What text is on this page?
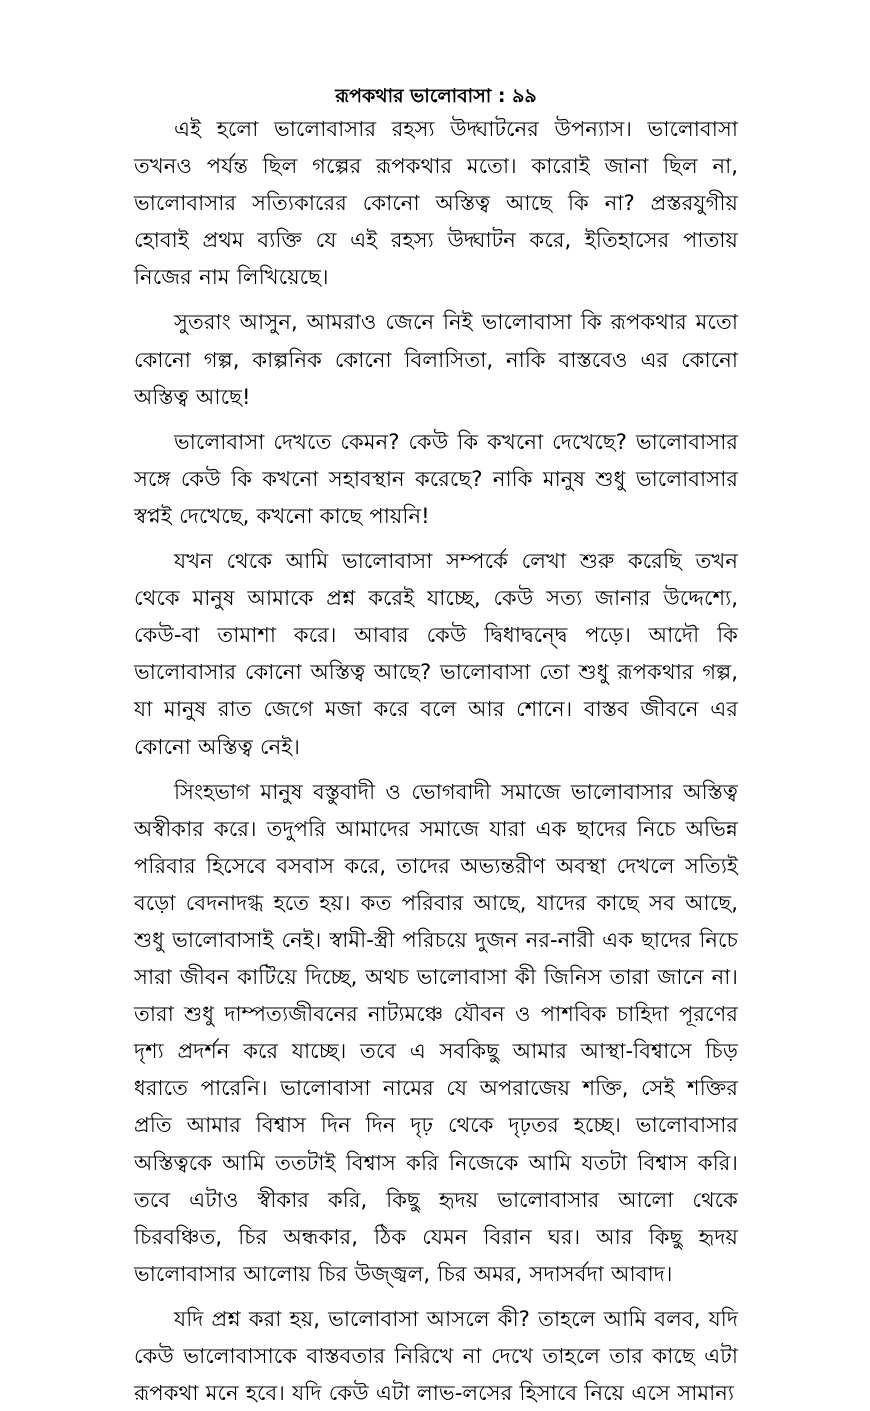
রূপকথার ভালোবাসা : ৯৯

এই হলো ভালোবাসার রহস্য উদ্ঘাটনের উপন্যাস। ভালোবাসা তখনও পর্যন্ত ছিল গল্পের রূপকথার মতো। কারোই জানা ছিল না, ভালোবাসার সত্যিকারের কোনো অস্তিত্ব আছে কি না? প্রস্তরযুগীয় হোবাই প্রথম ব্যক্তি যে এই রহস্য উদ্ঘাটন করে, ইতিহাসের পাতায় নিজের নাম লিখিয়েছে।

সুতরাং আসুন, আমরাও জেনে নিই ভালোবাসা কি রূপকথার মতো কোনো গল্প, কাল্পনিক কোনো বিলাসিতা, নাকি বাস্তবেও এর কোনো অস্তিত্ব আছে!

ভালোবাসা দেখতে কেমন? কেউ কি কখনো দেখেছে? ভালোবাসার সঙ্গে কেউ কি কখনো সহাবস্থান করেছে? নাকি মানুষ শুধু ভালোবাসার স্বপ্নই দেখেছে, কখনো কাছে পায়নি!

যখন থেকে আমি ভালোবাসা সম্পর্কে লেখা শুরু করেছি তখন থেকে মানুষ আমাকে প্রশ্ন করেই যাচ্ছে, কেউ সত্য জানার উদ্দেশ্যে, কেউ-বা তামাশা করে। আবার কেউ দ্বিধাদ্বন্দ্বে পড়ে। আদৌ কি ভালোবাসার কোনো অস্তিত্ব আছে? ভালোবাসা তো শুধু রূপকথার গল্প, যা মানুষ রাত জেগে মজা করে বলে আর শোনে। বাস্তব জীবনে এর কোনো অস্তিত্ব নেই।

সিংহভাগ মানুষ বস্তুবাদী ও ভোগবাদী সমাজে ভালোবাসার অস্তিত্ব অস্বীকার করে। তদুপরি আমাদের সমাজে যারা এক ছাদের নিচে অভিন্ন পরিবার হিসেবে বসবাস করে, তাদের অভ্যন্তরীণ অবস্থা দেখলে সত্যিই বড়ো বেদনাদগ্ধ হতে হয়। কত পরিবার আছে, যাদের কাছে সব আছে, শুধু ভালোবাসাই নেই। স্বামী-স্ত্রী পরিচয়ে দুজন নর-নারী এক ছাদের নিচে সারা জীবন কাটিয়ে দিচ্ছে, অথচ ভালোবাসা কী জিনিস তারা জানে না। তারা শুধু দাম্পত্যজীবনের নাট্যমঞ্চে যৌবন ও পাশবিক চাহিদা পূরণের দৃশ্য প্রদর্শন করে যাচ্ছে। তবে এ সবকিছু আমার আস্থা-বিশ্বাসে চিড় ধরাতে পারেনি। ভালোবাসা নামের যে অপরাজেয় শক্তি, সেই শক্তির প্রতি আমার বিশ্বাস দিন দিন দৃঢ় থেকে দৃঢ়তর হচ্ছে। ভালোবাসার অস্তিত্বকে আমি ততটাই বিশ্বাস করি নিজেকে আমি যতটা বিশ্বাস করি। তবে এটাও স্বীকার করি, কিছু হৃদয় ভালোবাসার আলো থেকে চিরবঞ্চিত, চির অন্ধকার, ঠিক যেমন বিরান ঘর। আর কিছু হৃদয় ভালোবাসার আলোয় চির উজ্জ্বল, চির অমর, সদাসর্বদা আবাদ।

যদি প্রশ্ন করা হয়, ভালোবাসা আসলে কী? তাহলে আমি বলব, যদি কেউ ভালোবাসাকে বাস্তবতার নিরিখে না দেখে তাহলে তার কাছে এটা রূপকথা মনে হবে। যদি কেউ এটা লাভ-লসের হিসাবে নিয়ে এসে সামান্য
